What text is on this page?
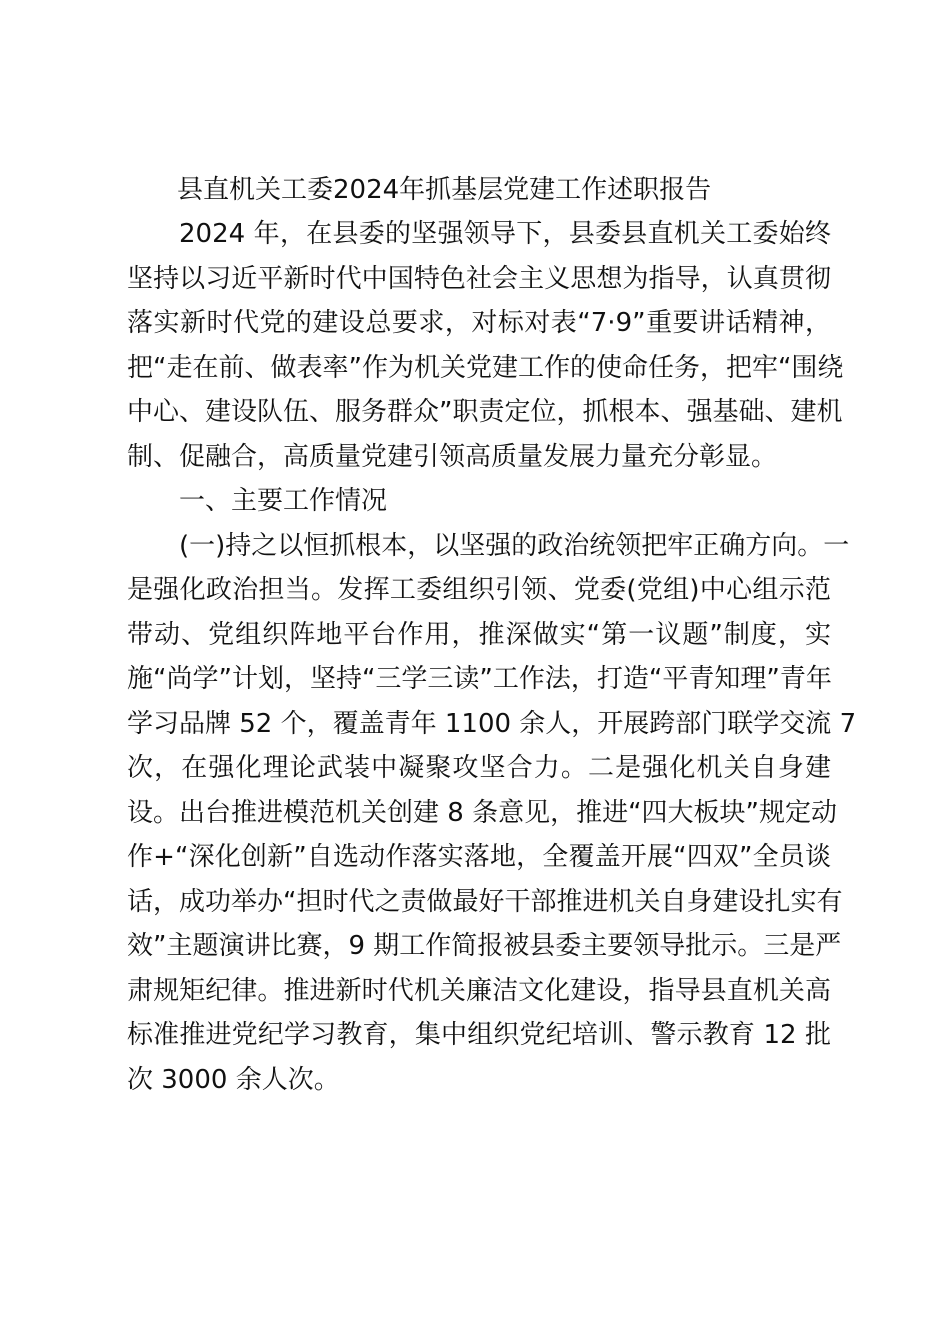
县直机关工委2024年抓基层党建工作述职报告
2024 年，在县委的坚强领导下，县委县直机关工委始终
坚持以习近平新时代中国特色社会主义思想为指导，认真贯彻
落实新时代党的建设总要求，对标对表“7·9”重要讲话精神，
把“走在前、做表率”作为机关党建工作的使命任务，把牢“围绕
中心、建设队伍、服务群众”职责定位，抓根本、强基础、建机
制、促融合，高质量党建引领高质量发展力量充分彰显。
一、主要工作情况
(一)持之以恒抓根本，以坚强的政治统领把牢正确方向。一
是强化政治担当。发挥工委组织引领、党委(党组)中心组示范
带动、党组织阵地平台作用，推深做实“第一议题”制度，实
施“尚学”计划，坚持“三学三读”工作法，打造“平青知理”青年
学习品牌 52 个，覆盖青年 1100 余人，开展跨部门联学交流 7
次，在强化理论武装中凝聚攻坚合力。二是强化机关自身建
设。出台推进模范机关创建 8 条意见，推进“四大板块”规定动
作+“深化创新”自选动作落实落地，全覆盖开展“四双”全员谈
话，成功举办“担时代之责做最好干部推进机关自身建设扎实有
效”主题演讲比赛，9 期工作简报被县委主要领导批示。三是严
肃规矩纪律。推进新时代机关廉洁文化建设，指导县直机关高
标准推进党纪学习教育，集中组织党纪培训、警示教育 12 批
次 3000 余人次。
